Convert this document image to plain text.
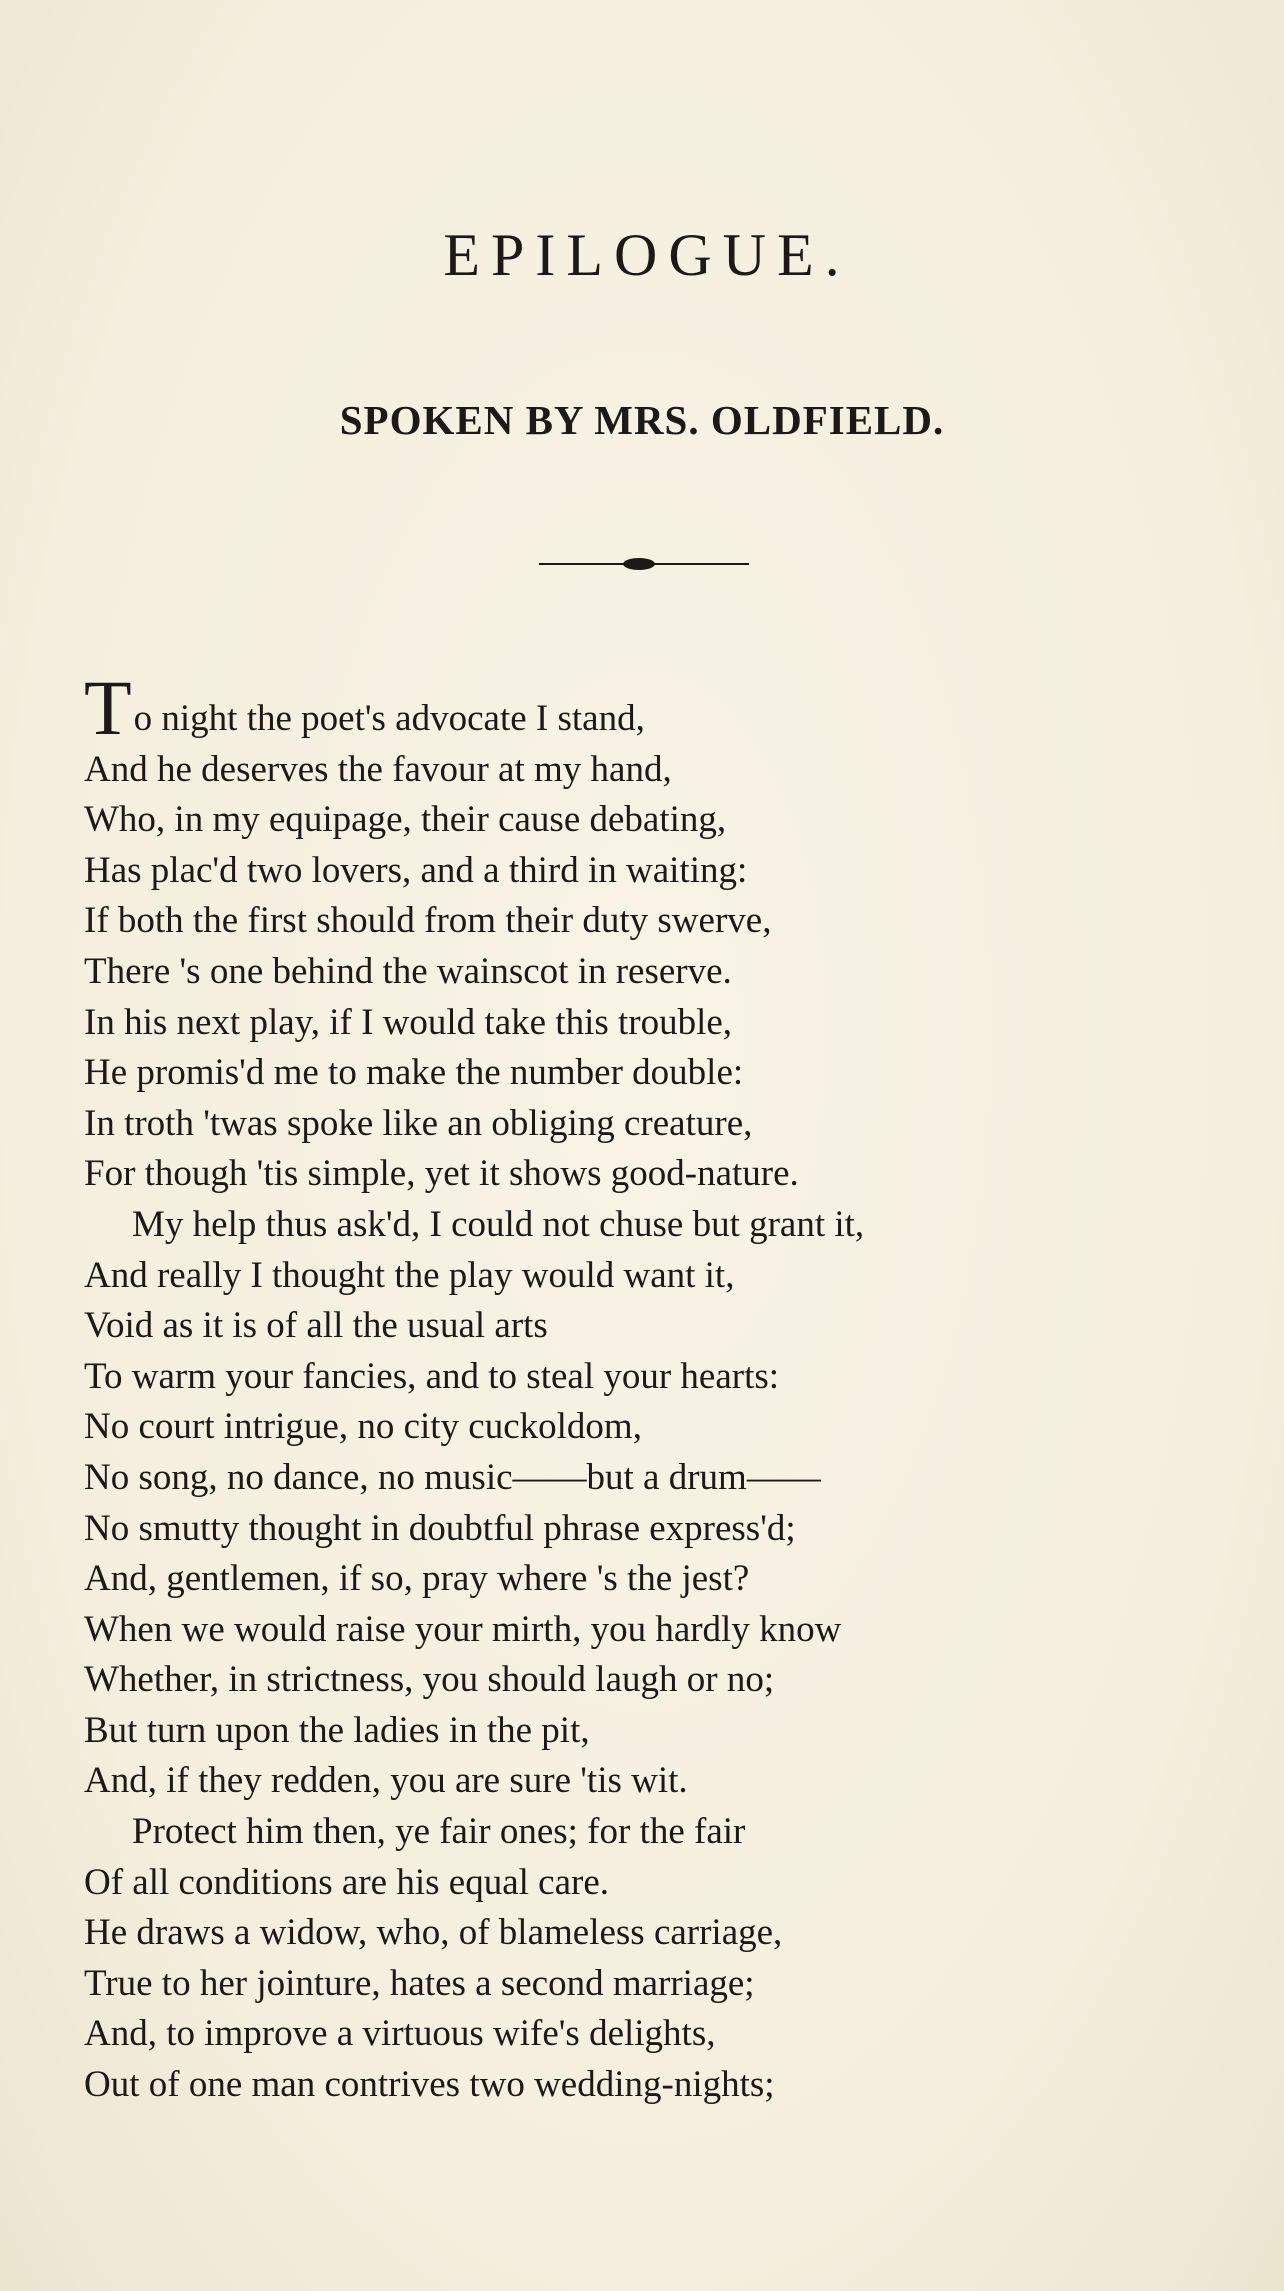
EPILOGUE.
SPOKEN BY MRS. OLDFIELD.
To night the poet's advocate I stand,
And he deserves the favour at my hand,
Who, in my equipage, their cause debating,
Has plac'd two lovers, and a third in waiting:
If both the first should from their duty swerve,
There 's one behind the wainscot in reserve.
In his next play, if I would take this trouble,
He promis'd me to make the number double:
In troth 'twas spoke like an obliging creature,
For though 'tis simple, yet it shows good-nature.
My help thus ask'd, I could not chuse but grant it,
And really I thought the play would want it,
Void as it is of all the usual arts
To warm your fancies, and to steal your hearts:
No court intrigue, no city cuckoldom,
No song, no dance, no music——but a drum——
No smutty thought in doubtful phrase express'd;
And, gentlemen, if so, pray where 's the jest?
When we would raise your mirth, you hardly know
Whether, in strictness, you should laugh or no;
But turn upon the ladies in the pit,
And, if they redden, you are sure 'tis wit.
Protect him then, ye fair ones; for the fair
Of all conditions are his equal care.
He draws a widow, who, of blameless carriage,
True to her jointure, hates a second marriage;
And, to improve a virtuous wife's delights,
Out of one man contrives two wedding-nights;
